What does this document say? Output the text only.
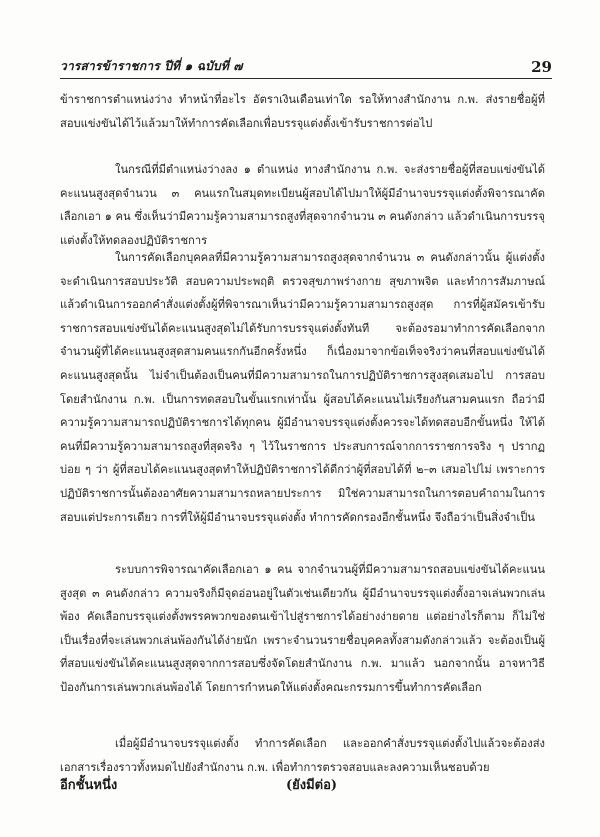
วารสารข้าราชการ ปีที่ ๑ ฉบับที่ ๗	29

ข้าราชการตำแหน่งว่าง ทำหน้าที่อะไร อัตราเงินเดือนเท่าใด รอให้ทางสำนักงาน ก.พ. ส่งรายชื่อผู้ที่สอบแข่งขันได้ไว้แล้วมาให้ทำการคัดเลือกเพื่อบรรจุแต่งตั้งเข้ารับราชการต่อไป

ในกรณีที่มีตำแหน่งว่างลง ๑ ตำแหน่ง ทางสำนักงาน ก.พ. จะส่งรายชื่อผู้ที่สอบแข่งขันได้คะแนนสูงสุดจำนวน ๓ คนแรกในสมุดทะเบียนผู้สอบได้ไปมาให้ผู้มีอำนาจบรรจุแต่งตั้งพิจารณาคัดเลือกเอา ๑ คน ซึ่งเห็นว่ามีความรู้ความสามารถสูงที่สุดจากจำนวน ๓ คนดังกล่าว แล้วดำเนินการบรรจุแต่งตั้งให้ทดลองปฏิบัติราชการ

ในการคัดเลือกบุคคลที่มีความรู้ความสามารถสูงสุดจากจำนวน ๓ คนดังกล่าวนั้น ผู้แต่งตั้งจะดำเนินการสอบประวัติ สอบความประพฤติ ตรวจสุขภาพร่างกาย สุขภาพจิต และทำการสัมภาษณ์ แล้วดำเนินการออกคำสั่งแต่งตั้งผู้ที่พิจารณาเห็นว่ามีความรู้ความสามารถสูงสุด การที่ผู้สมัครเข้ารับราชการสอบแข่งขันได้คะแนนสูงสุดไม่ได้รับการบรรจุแต่งตั้งทันที จะต้องรอมาทำการคัดเลือกจากจำนวนผู้ที่ได้คะแนนสูงสุดสามคนแรกกันอีกครั้งหนึ่ง ก็เนื่องมาจากข้อเท็จจริงว่าคนที่สอบแข่งขันได้คะแนนสูงสุดนั้น ไม่จำเป็นต้องเป็นคนที่มีความสามารถในการปฏิบัติราชการสูงสุดเสมอไป การสอบโดยสำนักงาน ก.พ. เป็นการทดสอบในขั้นแรกเท่านั้น ผู้สอบได้คะแนนไม่เรียงกันสามคนแรก ถือว่ามีความรู้ความสามารถปฏิบัติราชการได้ทุกคน ผู้มีอำนาจบรรจุแต่งตั้งควรจะได้ทดสอบอีกขั้นหนึ่ง ให้ได้คนที่มีความรู้ความสามารถสูงที่สุดจริง ๆ ไว้ในราชการ ประสบการณ์จากการราชการจริง ๆ ปรากฏบ่อย ๆ ว่า ผู้ที่สอบได้คะแนนสูงสุดทำให้ปฏิบัติราชการได้ดีกว่าผู้ที่สอบได้ที่ ๒–๓ เสมอไปไม่ เพราะการปฏิบัติราชการนั้นต้องอาศัยความสามารถหลายประการ มิใช่ความสามารถในการตอบคำถามในการสอบแต่ประการเดียว การที่ให้ผู้มีอำนาจบรรจุแต่งตั้ง ทำการคัดกรองอีกชั้นหนึ่ง จึงถือว่าเป็นสิ่งจำเป็น

ระบบการพิจารณาคัดเลือกเอา ๑ คน จากจำนวนผู้ที่มีความสามารถสอบแข่งขันได้คะแนนสูงสุด ๓ คนดังกล่าว ความจริงก็มีจุดอ่อนอยู่ในตัวเช่นเดียวกัน ผู้มีอำนาจบรรจุแต่งตั้งอาจเล่นพวกเล่นพ้อง คัดเลือกบรรจุแต่งตั้งพรรคพวกของตนเข้าไปสู่ราชการได้อย่างง่ายดาย แต่อย่างไรก็ตาม ก็ไม่ใช่เป็นเรื่องที่จะเล่นพวกเล่นพ้องกันได้ง่ายนัก เพราะจำนวนรายชื่อบุคคลทั้งสามดังกล่าวแล้ว จะต้องเป็นผู้ที่สอบแข่งขันได้คะแนนสูงสุดจากการสอบซึ่งจัดโดยสำนักงาน ก.พ. มาแล้ว นอกจากนั้น อาจหาวิธีป้องกันการเล่นพวกเล่นพ้องได้ โดยการกำหนดให้แต่งตั้งคณะกรรมการขึ้นทำการคัดเลือก

เมื่อผู้มีอำนาจบรรจุแต่งตั้ง ทำการคัดเลือก และออกคำสั่งบรรจุแต่งตั้งไปแล้วจะต้องส่งเอกสารเรื่องราวทั้งหมดไปยังสำนักงาน ก.พ. เพื่อทำการตรวจสอบและลงความเห็นชอบด้วย

อีกชั้นหนึ่ง	(ยังมีต่อ)
